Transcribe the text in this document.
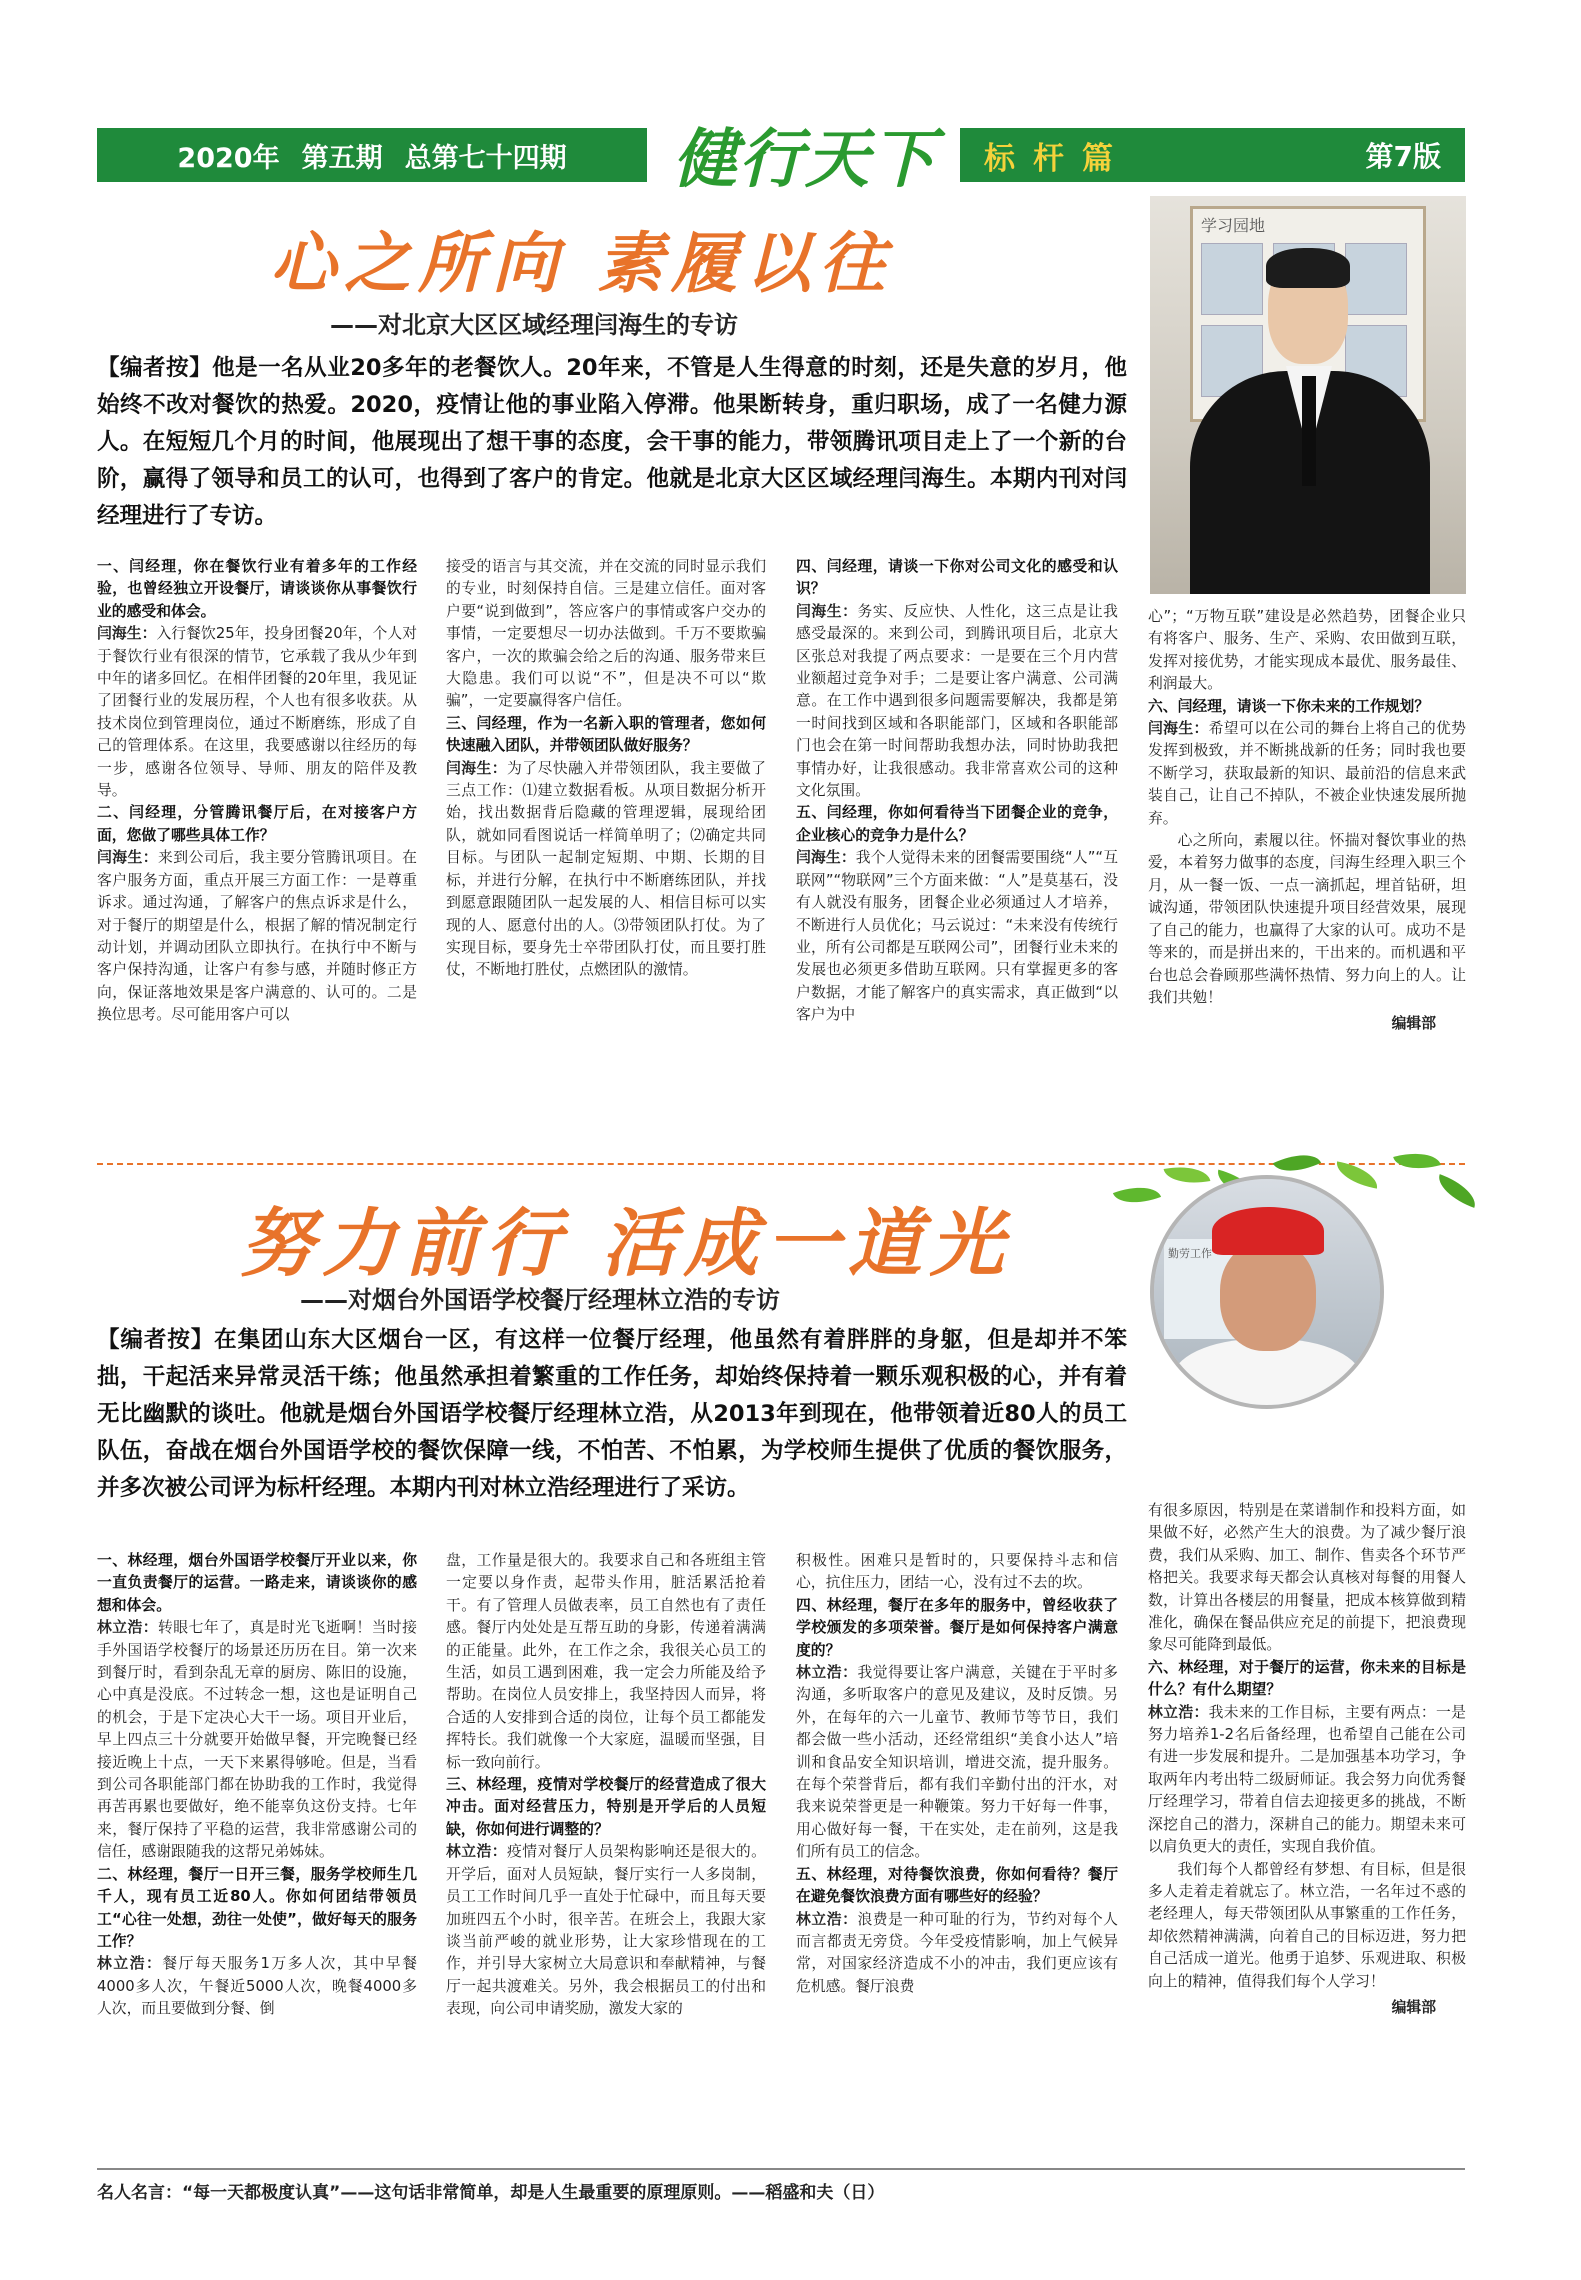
2020年 第五期 总第七十四期 健行天下	标杆篇	第7版
心之所向 素履以往
——对北京大区区域经理闫海生的专访
学习园地
【编者按】他是一名从业20多年的老餐饮人。20年来，不管是人生得意的时刻，还是失意的岁月，他始终不改对餐饮的热爱。2020，疫情让他的事业陷入停滞。他果断转身，重归职场，成了一名健力源人。在短短几个月的时间，他展现出了想干事的态度，会干事的能力，带领腾讯项目走上了一个新的台阶，赢得了领导和员工的认可，也得到了客户的肯定。他就是北京大区区域经理闫海生。本期内刊对闫经理进行了专访。

一、闫经理，你在餐饮行业有着多年的工作经验，也曾经独立开设餐厅，请谈谈你从事餐饮行业的感受和体会。

闫海生：入行餐饮25年，投身团餐20年，个人对于餐饮行业有很深的情节，它承载了我从少年到中年的诸多回忆。在相伴团餐的20年里，我见证了团餐行业的发展历程，个人也有很多收获。从技术岗位到管理岗位，通过不断磨练，形成了自己的管理体系。在这里，我要感谢以往经历的每一步，感谢各位领导、导师、朋友的陪伴及教导。

二、闫经理，分管腾讯餐厅后，在对接客户方面，您做了哪些具体工作？

闫海生：来到公司后，我主要分管腾讯项目。在客户服务方面，重点开展三方面工作：一是尊重诉求。通过沟通，了解客户的焦点诉求是什么，对于餐厅的期望是什么，根据了解的情况制定行动计划，并调动团队立即执行。在执行中不断与客户保持沟通，让客户有参与感，并随时修正方向，保证落地效果是客户满意的、认可的。二是换位思考。尽可能用客户可以

接受的语言与其交流，并在交流的同时显示我们的专业，时刻保持自信。三是建立信任。面对客户要“说到做到”，答应客户的事情或客户交办的事情，一定要想尽一切办法做到。千万不要欺骗客户，一次的欺骗会给之后的沟通、服务带来巨大隐患。我们可以说“不”，但是决不可以“欺骗”，一定要赢得客户信任。

三、闫经理，作为一名新入职的管理者，您如何快速融入团队，并带领团队做好服务？

闫海生：为了尽快融入并带领团队，我主要做了三点工作：⑴建立数据看板。从项目数据分析开始，找出数据背后隐藏的管理逻辑，展现给团队，就如同看图说话一样简单明了；⑵确定共同目标。与团队一起制定短期、中期、长期的目标，并进行分解，在执行中不断磨练团队，并找到愿意跟随团队一起发展的人、相信目标可以实现的人、愿意付出的人。⑶带领团队打仗。为了实现目标，要身先士卒带团队打仗，而且要打胜仗，不断地打胜仗，点燃团队的激情。

四、闫经理，请谈一下你对公司文化的感受和认识？

闫海生：务实、反应快、人性化，这三点是让我感受最深的。来到公司，到腾讯项目后，北京大区张总对我提了两点要求：一是要在三个月内营业额超过竞争对手；二是要让客户满意、公司满意。在工作中遇到很多问题需要解决，我都是第一时间找到区域和各职能部门，区域和各职能部门也会在第一时间帮助我想办法，同时协助我把事情办好，让我很感动。我非常喜欢公司的这种文化氛围。

五、闫经理，你如何看待当下团餐企业的竞争，企业核心的竞争力是什么？

闫海生：我个人觉得未来的团餐需要围绕“人”“互联网”“物联网”三个方面来做：“人”是莫基石，没有人就没有服务，团餐企业必须通过人才培养，不断进行人员优化；马云说过：“未来没有传统行业，所有公司都是互联网公司”，团餐行业未来的发展也必须更多借助互联网。只有掌握更多的客户数据，才能了解客户的真实需求，真正做到“以客户为中

心”；“万物互联”建设是必然趋势，团餐企业只有将客户、服务、生产、采购、农田做到互联，发挥对接优势，才能实现成本最优、服务最佳、利润最大。

六、闫经理，请谈一下你未来的工作规划？

闫海生：希望可以在公司的舞台上将自己的优势发挥到极致，并不断挑战新的任务；同时我也要不断学习，获取最新的知识、最前沿的信息来武装自己，让自己不掉队，不被企业快速发展所抛弃。

心之所向，素履以往。怀揣对餐饮事业的热爱，本着努力做事的态度，闫海生经理入职三个月，从一餐一饭、一点一滴抓起，埋首钻研，坦诚沟通，带领团队快速提升项目经营效果，展现了自己的能力，也赢得了大家的认可。成功不是等来的，而是拼出来的，干出来的。而机遇和平台也总会眷顾那些满怀热情、努力向上的人。让我们共勉！

编辑部

努力前行 活成一道光
——对烟台外国语学校餐厅经理林立浩的专访
勤劳工作
【编者按】在集团山东大区烟台一区，有这样一位餐厅经理，他虽然有着胖胖的身躯，但是却并不笨拙，干起活来异常灵活干练；他虽然承担着繁重的工作任务，却始终保持着一颗乐观积极的心，并有着无比幽默的谈吐。他就是烟台外国语学校餐厅经理林立浩，从2013年到现在，他带领着近80人的员工队伍，奋战在烟台外国语学校的餐饮保障一线，不怕苦、不怕累，为学校师生提供了优质的餐饮服务，并多次被公司评为标杆经理。本期内刊对林立浩经理进行了采访。

一、林经理，烟台外国语学校餐厅开业以来，你一直负责餐厅的运营。一路走来，请谈谈你的感想和体会。

林立浩：转眼七年了，真是时光飞逝啊！当时接手外国语学校餐厅的场景还历历在目。第一次来到餐厅时，看到杂乱无章的厨房、陈旧的设施，心中真是没底。不过转念一想，这也是证明自己的机会，于是下定决心大干一场。项目开业后，早上四点三十分就要开始做早餐，开完晚餐已经接近晚上十点，一天下来累得够呛。但是，当看到公司各职能部门都在协助我的工作时，我觉得再苦再累也要做好，绝不能辜负这份支持。七年来，餐厅保持了平稳的运营，我非常感谢公司的信任，感谢跟随我的这帮兄弟姊妹。

二、林经理，餐厅一日开三餐，服务学校师生几千人，现有员工近80人。你如何团结带领员工“心往一处想，劲往一处使”，做好每天的服务工作？

林立浩：餐厅每天服务1万多人次，其中早餐4000多人次，午餐近5000人次，晚餐4000多人次，而且要做到分餐、倒

盘，工作量是很大的。我要求自己和各班组主管一定要以身作责，起带头作用，脏活累活抢着干。有了管理人员做表率，员工自然也有了责任感。餐厅内处处是互帮互助的身影，传递着满满的正能量。此外，在工作之余，我很关心员工的生活，如员工遇到困难，我一定会力所能及给予帮助。在岗位人员安排上，我坚持因人而异，将合适的人安排到合适的岗位，让每个员工都能发挥特长。我们就像一个大家庭，温暖而坚强，目标一致向前行。

三、林经理，疫情对学校餐厅的经营造成了很大冲击。面对经营压力，特别是开学后的人员短缺，你如何进行调整的？

林立浩：疫情对餐厅人员架构影响还是很大的。开学后，面对人员短缺，餐厅实行一人多岗制，员工工作时间几乎一直处于忙碌中，而且每天要加班四五个小时，很辛苦。在班会上，我跟大家谈当前严峻的就业形势，让大家珍惜现在的工作，并引导大家树立大局意识和奉献精神，与餐厅一起共渡难关。另外，我会根据员工的付出和表现，向公司申请奖励，激发大家的

积极性。困难只是暂时的，只要保持斗志和信心，抗住压力，团结一心，没有过不去的坎。

四、林经理，餐厅在多年的服务中，曾经收获了学校颁发的多项荣誉。餐厅是如何保持客户满意度的？

林立浩：我觉得要让客户满意，关键在于平时多沟通，多听取客户的意见及建议，及时反馈。另外，在每年的六一儿童节、教师节等节日，我们都会做一些小活动，还经常组织“美食小达人”培训和食品安全知识培训，增进交流，提升服务。在每个荣誉背后，都有我们辛勤付出的汗水，对我来说荣誉更是一种鞭策。努力干好每一件事，用心做好每一餐，干在实处，走在前列，这是我们所有员工的信念。

五、林经理，对待餐饮浪费，你如何看待？餐厅在避免餐饮浪费方面有哪些好的经验？

林立浩：浪费是一种可耻的行为，节约对每个人而言都责无旁贷。今年受疫情影响，加上气候异常，对国家经济造成不小的冲击，我们更应该有危机感。餐厅浪费

有很多原因，特别是在菜谱制作和投料方面，如果做不好，必然产生大的浪费。为了减少餐厅浪费，我们从采购、加工、制作、售卖各个环节严格把关。我要求每天都会认真核对每餐的用餐人数，计算出各楼层的用餐量，把成本核算做到精准化，确保在餐品供应充足的前提下，把浪费现象尽可能降到最低。

六、林经理，对于餐厅的运营，你未来的目标是什么？有什么期望？

林立浩：我未来的工作目标，主要有两点：一是努力培养1-2名后备经理，也希望自己能在公司有进一步发展和提升。二是加强基本功学习，争取两年内考出特二级厨师证。我会努力向优秀餐厅经理学习，带着自信去迎接更多的挑战，不断深挖自己的潜力，深耕自己的能力。期望未来可以肩负更大的责任，实现自我价值。

我们每个人都曾经有梦想、有目标，但是很多人走着走着就忘了。林立浩，一名年过不惑的老经理人，每天带领团队从事繁重的工作任务，却依然精神满满，向着自己的目标迈进，努力把自己活成一道光。他勇于追梦、乐观进取、积极向上的精神，值得我们每个人学习！

编辑部

名人名言：“每一天都极度认真”——这句话非常简单，却是人生最重要的原理原则。——稻盛和夫（日）
